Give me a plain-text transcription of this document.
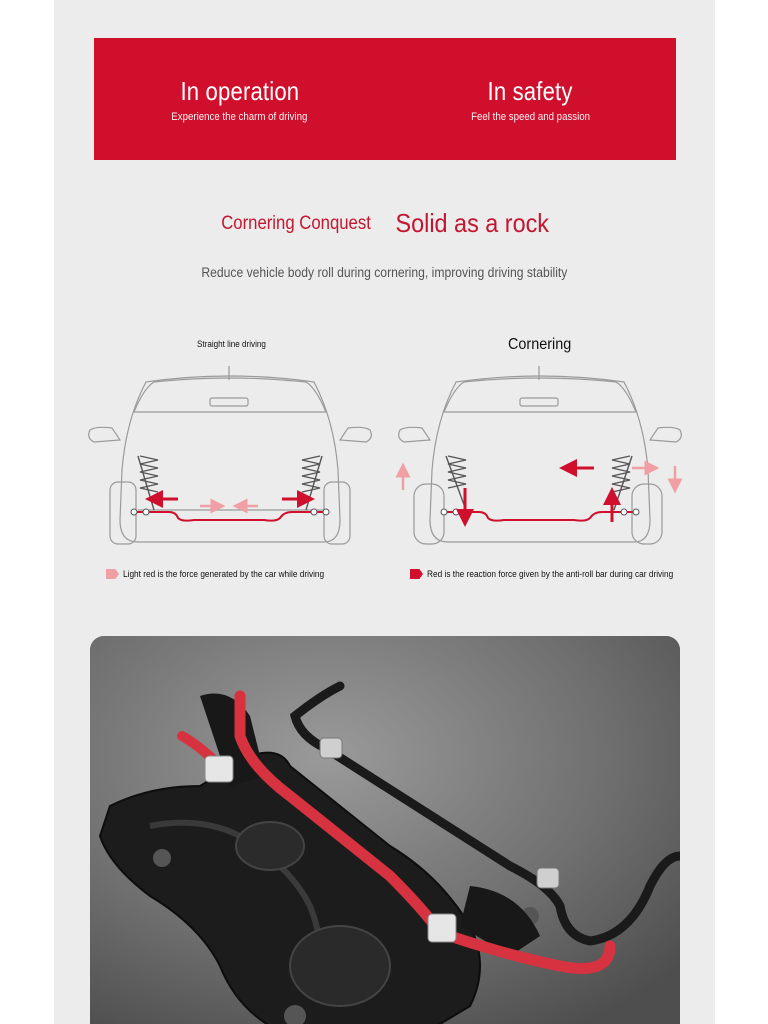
In operation
Experience the charm of driving
In safety
Feel the speed and passion
Cornering Conquest Solid as a rock
Reduce vehicle body roll during cornering, improving driving stability
Straight line driving	Cornering
Light red is the force generated by the car while driving	Red is the reaction force given by the anti-roll bar during car driving
